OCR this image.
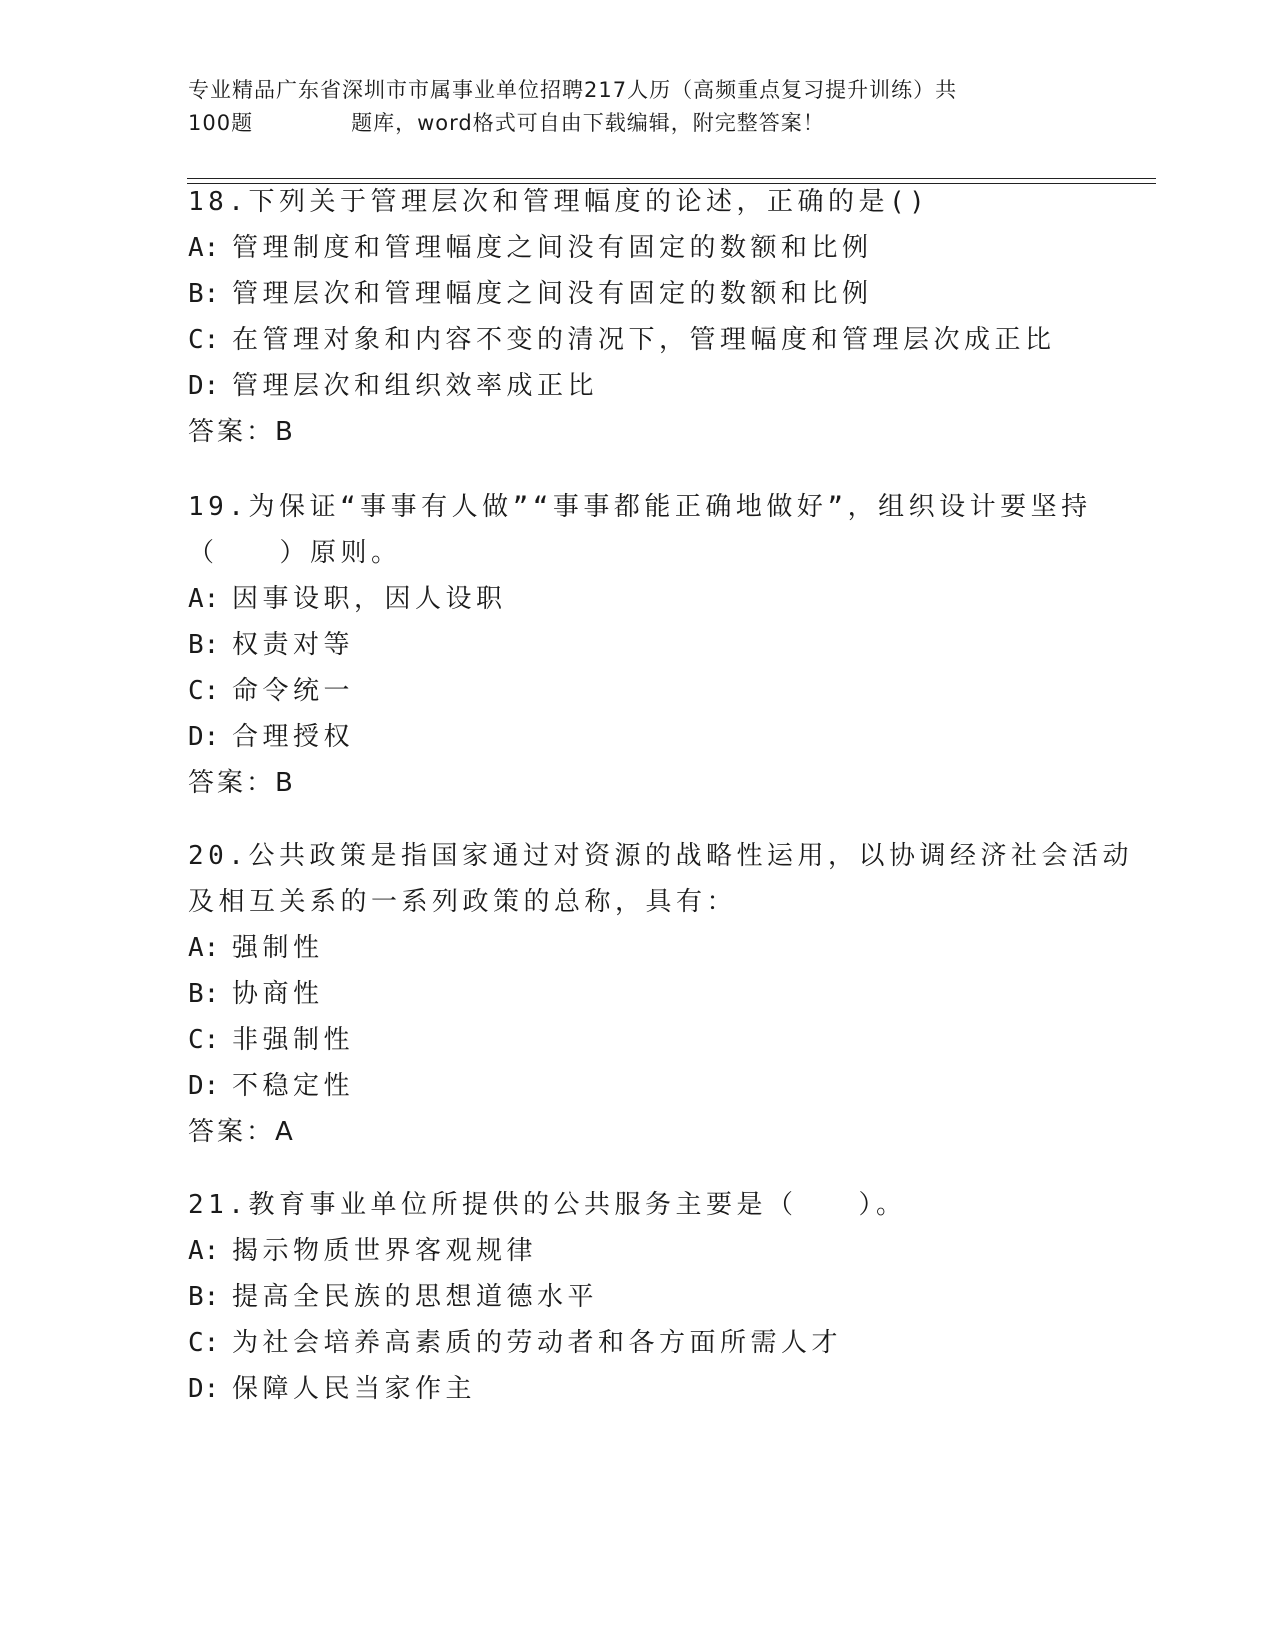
专业精品广东省深圳市市属事业单位招聘217人历（高频重点复习提升训练）共
100题	题库，word格式可自由下载编辑，附完整答案！
18.下列关于管理层次和管理幅度的论述，正确的是()
A: 管理制度和管理幅度之间没有固定的数额和比例
B: 管理层次和管理幅度之间没有固定的数额和比例
C: 在管理对象和内容不变的清况下，管理幅度和管理层次成正比
D: 管理层次和组织效率成正比
答案：B
19.为保证“事事有人做”“事事都能正确地做好”，组织设计要坚持
（　　）原则。
A: 因事设职，因人设职
B: 权责对等
C: 命令统一
D: 合理授权
答案：B
20.公共政策是指国家通过对资源的战略性运用，以协调经济社会活动
及相互关系的一系列政策的总称，具有：
A: 强制性
B: 协商性
C: 非强制性
D: 不稳定性
答案：A
21.教育事业单位所提供的公共服务主要是（　　）。
A: 揭示物质世界客观规律
B: 提高全民族的思想道德水平
C: 为社会培养高素质的劳动者和各方面所需人才
D: 保障人民当家作主
